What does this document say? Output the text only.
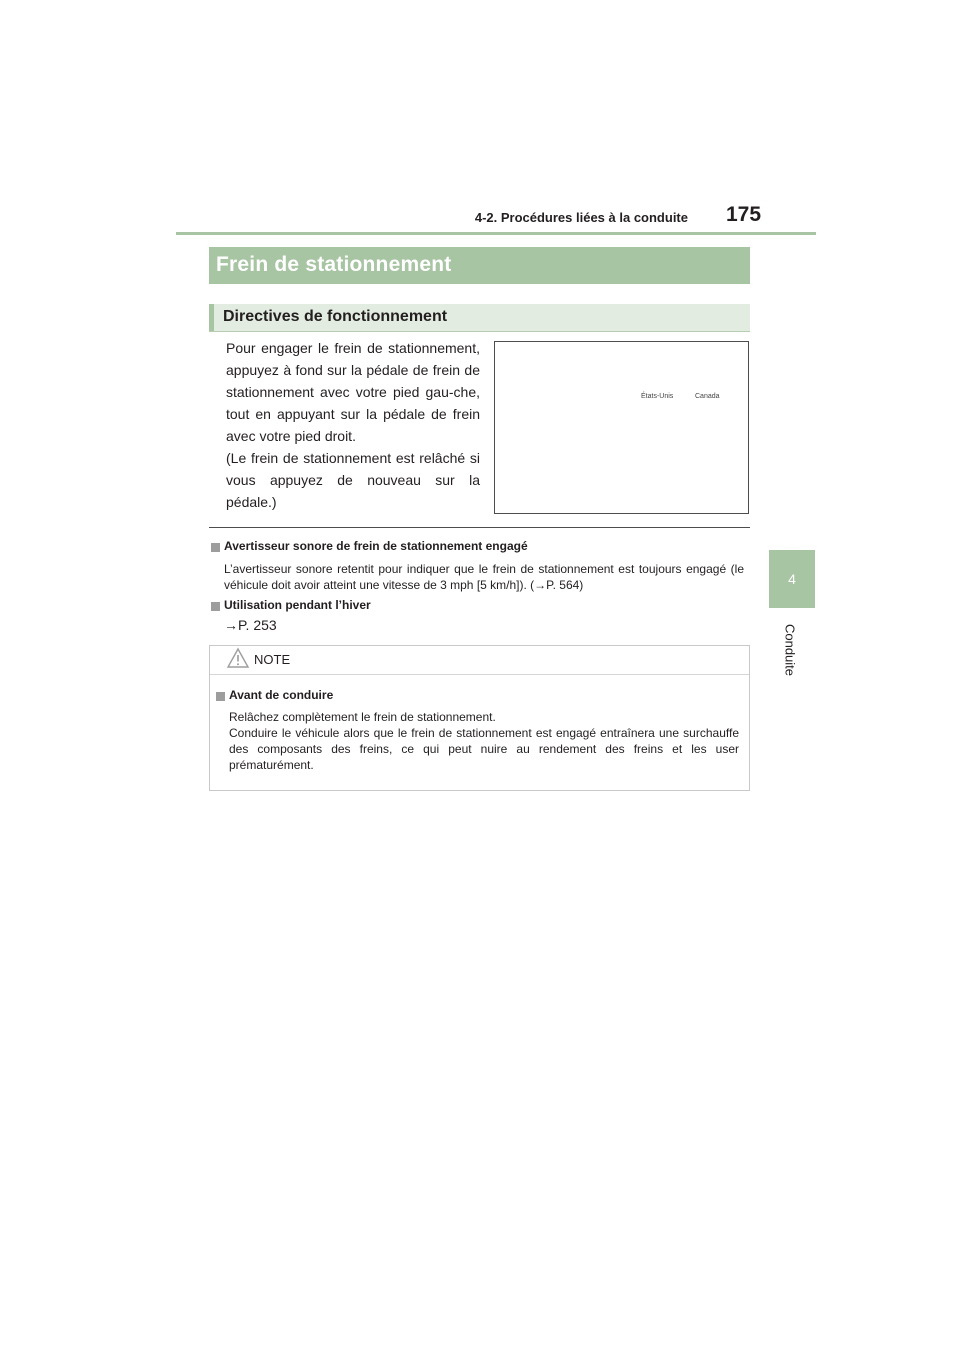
4-2. Procédures liées à la conduite 175
4
Conduite
Frein de stationnement
Directives de fonctionnement

Pour engager le frein de stationnement, appuyez à fond sur la pédale de frein de stationnement avec votre pied gau-che, tout en appuyant sur la pédale de frein avec votre pied droit.

(Le frein de stationnement est relâché si vous appuyez de nouveau sur la pédale.)

États-Unis	Canada
Avertisseur sonore de frein de stationnement engagé
L’avertisseur sonore retentit pour indiquer que le frein de stationnement est toujours engagé (le véhicule doit avoir atteint une vitesse de 3 mph [5 km/h]). (→P. 564)
Utilisation pendant l’hiver
→P. 253
NOTE
Avant de conduire
Relâchez complètement le frein de stationnement.
Conduire le véhicule alors que le frein de stationnement est engagé entraînera une surchauffe des composants des freins, ce qui peut nuire au rendement des freins et les user prématurément.
